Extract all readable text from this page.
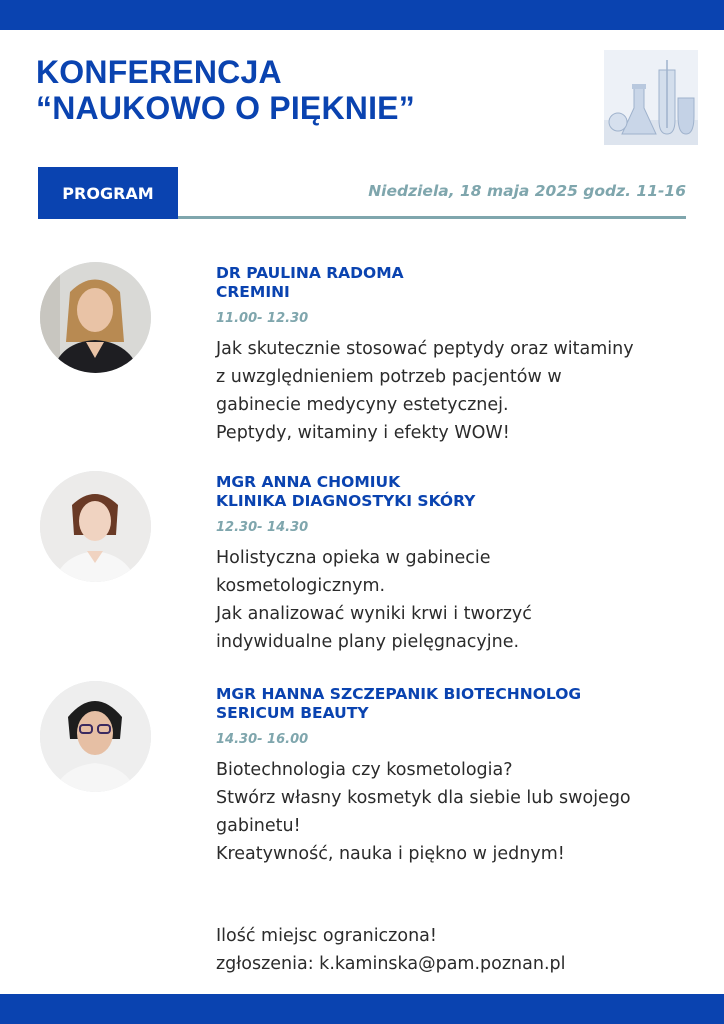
KONFERENCJA
“NAUKOWO O PIĘKNIE”
PROGRAM	Niedziela, 18 maja 2025 godz. 11-16
DR PAULINA RADOMA
CREMINI
11.00- 12.30
Jak skutecznie stosować peptydy oraz witaminy
z uwzględnieniem potrzeb pacjentów w
gabinecie medycyny estetycznej.
Peptydy, witaminy i efekty WOW!
MGR ANNA CHOMIUK
KLINIKA DIAGNOSTYKI SKÓRY
12.30- 14.30
Holistyczna opieka w gabinecie
kosmetologicznym.
Jak analizować wyniki krwi i tworzyć
indywidualne plany pielęgnacyjne.
MGR HANNA SZCZEPANIK BIOTECHNOLOG
SERICUM BEAUTY
14.30- 16.00
Biotechnologia czy kosmetologia?
Stwórz własny kosmetyk dla siebie lub swojego
gabinetu!
Kreatywność, nauka i piękno w jednym!
Ilość miejsc ograniczona!
zgłoszenia: k.kaminska@pam.poznan.pl
